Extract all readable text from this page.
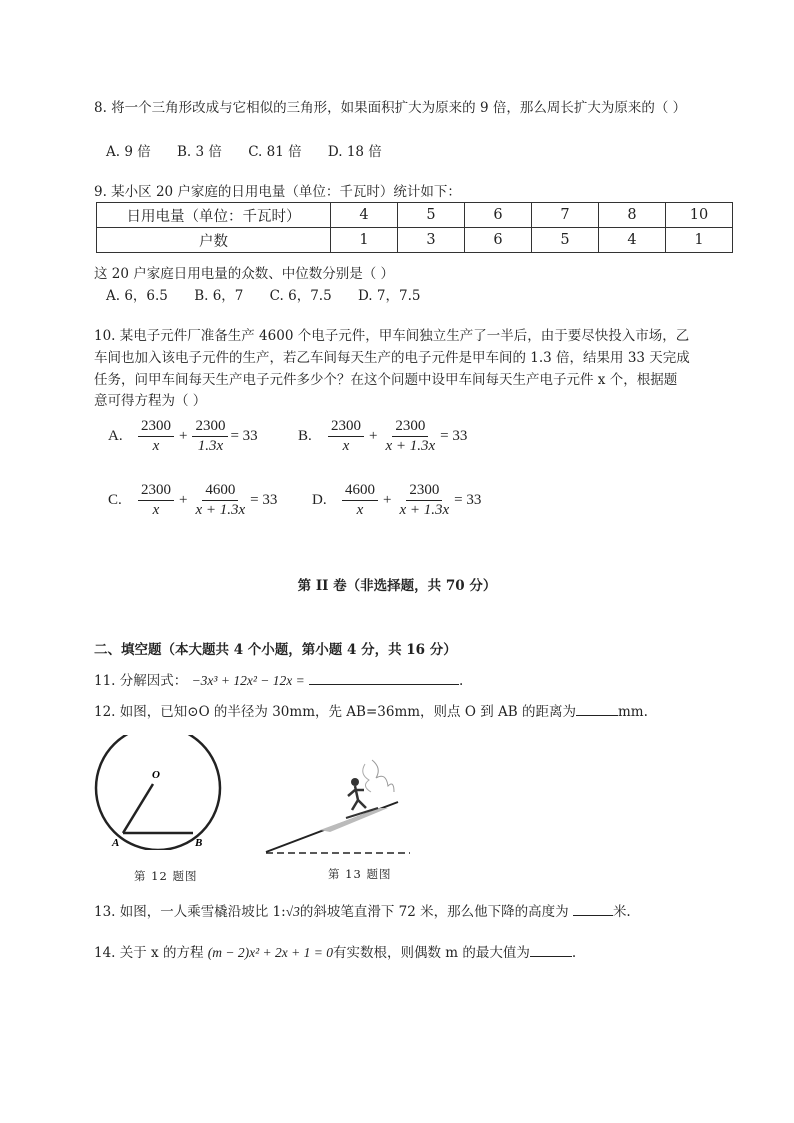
8. 将一个三角形改成与它相似的三角形，如果面积扩大为原来的 9 倍，那么周长扩大为原来的（ ）
A. 9 倍 B. 3 倍 C. 81 倍 D. 18 倍
9. 某小区 20 户家庭的日用电量（单位：千瓦时）统计如下：
日用电量（单位：千瓦时）	4	5	6	7	8	10
户数	1	3	6	5	4	1
这 20 户家庭日用电量的众数、中位数分别是（ ）
A. 6，6.5 B. 6，7 C. 6，7.5 D. 7，7.5
10. 某电子元件厂准备生产 4600 个电子元件，甲车间独立生产了一半后，由于要尽快投入市场，乙
车间也加入该电子元件的生产，若乙车间每天生产的电子元件是甲车间的 1.3 倍，结果用 33 天完成
任务，问甲车间每天生产电子元件多少个？在这个问题中设甲车间每天生产电子元件 x 个，根据题
意可得方程为（ ）
A.	$\frac{2300}{x} + \frac{2300}{1.3x} = 33$	B.	$\frac{2300}{x} + \frac{2300}{x + 1.3x} = 33$
C.	$\frac{2300}{x} + \frac{4600}{x + 1.3x} = 33$ D.	$\frac{4600}{x} + \frac{2300}{x + 1.3x} = 33$
第 II 卷（非选择题，共 70 分）
二、填空题（本大题共 4 个小题，第小题 4 分，共 16 分）
11. 分解因式： −3x³ + 12x² − 12x =	.
12. 如图，已知⊙O 的半径为 30mm，先 AB=36mm，则点 O 到 AB 的距离为	mm.
O
A	B
第 12 题图	第 13 题图
13. 如图，一人乘雪橇沿坡比 1:√3的斜坡笔直滑下 72 米，那么他下降的高度为	米.
14. 关于 x 的方程 (m − 2)x² + 2x + 1 = 0有实数根，则偶数 m 的最大值为	.
